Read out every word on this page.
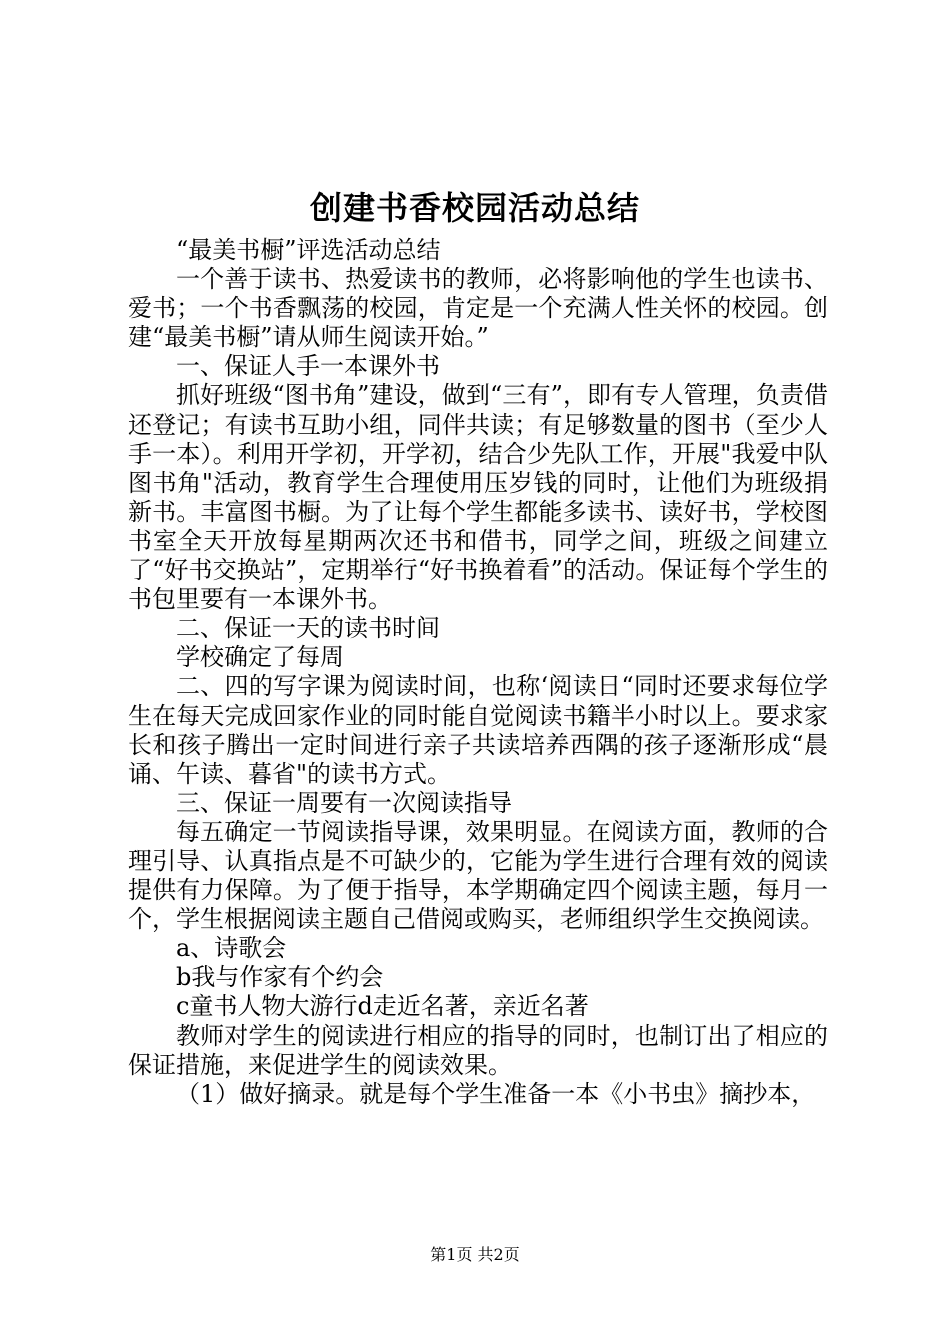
创建书香校园活动总结

“最美书橱”评选活动总结

一个善于读书、热爱读书的教师，必将影响他的学生也读书、爱书；一个书香飘荡的校园，肯定是一个充满人性关怀的校园。创建“最美书橱”请从师生阅读开始。”

一、保证人手一本课外书

抓好班级“图书角”建设，做到“三有”，即有专人管理，负责借还登记；有读书互助小组，同伴共读；有足够数量的图书（至少人手一本）。利用开学初，开学初，结合少先队工作，开展"我爱中队图书角"活动，教育学生合理使用压岁钱的同时，让他们为班级捐新书。丰富图书橱。为了让每个学生都能多读书、读好书，学校图书室全天开放每星期两次还书和借书，同学之间，班级之间建立了“好书交换站”，定期举行“好书换着看”的活动。保证每个学生的书包里要有一本课外书。

二、保证一天的读书时间

学校确定了每周

二、四的写字课为阅读时间，也称‘阅读日“同时还要求每位学生在每天完成回家作业的同时能自觉阅读书籍半小时以上。要求家长和孩子腾出一定时间进行亲子共读培养西隅的孩子逐渐形成“晨诵、午读、暮省"的读书方式。

三、保证一周要有一次阅读指导

每五确定一节阅读指导课，效果明显。在阅读方面，教师的合理引导、认真指点是不可缺少的，它能为学生进行合理有效的阅读提供有力保障。为了便于指导，本学期确定四个阅读主题，每月一个，学生根据阅读主题自己借阅或购买，老师组织学生交换阅读。

a、诗歌会

b我与作家有个约会

c童书人物大游行d走近名著，亲近名著

教师对学生的阅读进行相应的指导的同时，也制订出了相应的保证措施，来促进学生的阅读效果。

（1）做好摘录。就是每个学生准备一本《小书虫》摘抄本，

第1页 共2页
